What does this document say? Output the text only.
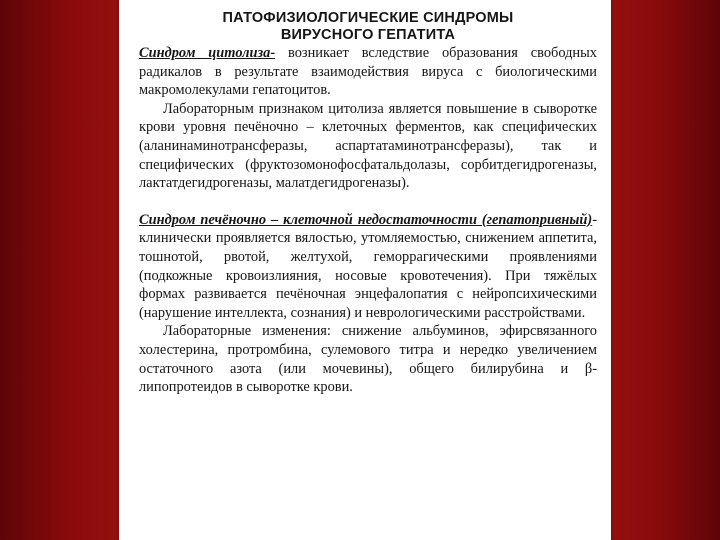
ПАТОФИЗИОЛОГИЧЕСКИЕ СИНДРОМЫ
ВИРУСНОГО ГЕПАТИТА

Синдром цитолиза- возникает вследствие образования свободных радикалов в результате взаимодействия вируса с биологическими макромолекулами гепатоцитов.

Лабораторным признаком цитолиза является повышение в сыворотке крови уровня печёночно – клеточных ферментов, как специфических (аланинаминотрансферазы, аспартатаминотрансферазы), так и специфических (фруктозомонофосфатальдолазы, сорбитдегидрогеназы, лактатдегидрогеназы, малатдегидрогеназы).

Синдром печёночно – клеточной недостаточности (гепатопривный)- клинически проявляется вялостью, утомляемостью, снижением аппетита, тошнотой, рвотой, желтухой, геморрагическими проявлениями (подкожные кровоизлияния, носовые кровотечения). При тяжёлых формах развивается печёночная энцефалопатия с нейропсихическими (нарушение интеллекта, сознания) и неврологическими расстройствами.

Лабораторные изменения: снижение альбуминов, эфирсвязанного холестерина, протромбина, сулемового титра и нередко увеличением остаточного азота (или мочевины), общего билирубина и β-липопротеидов в сыворотке крови.
